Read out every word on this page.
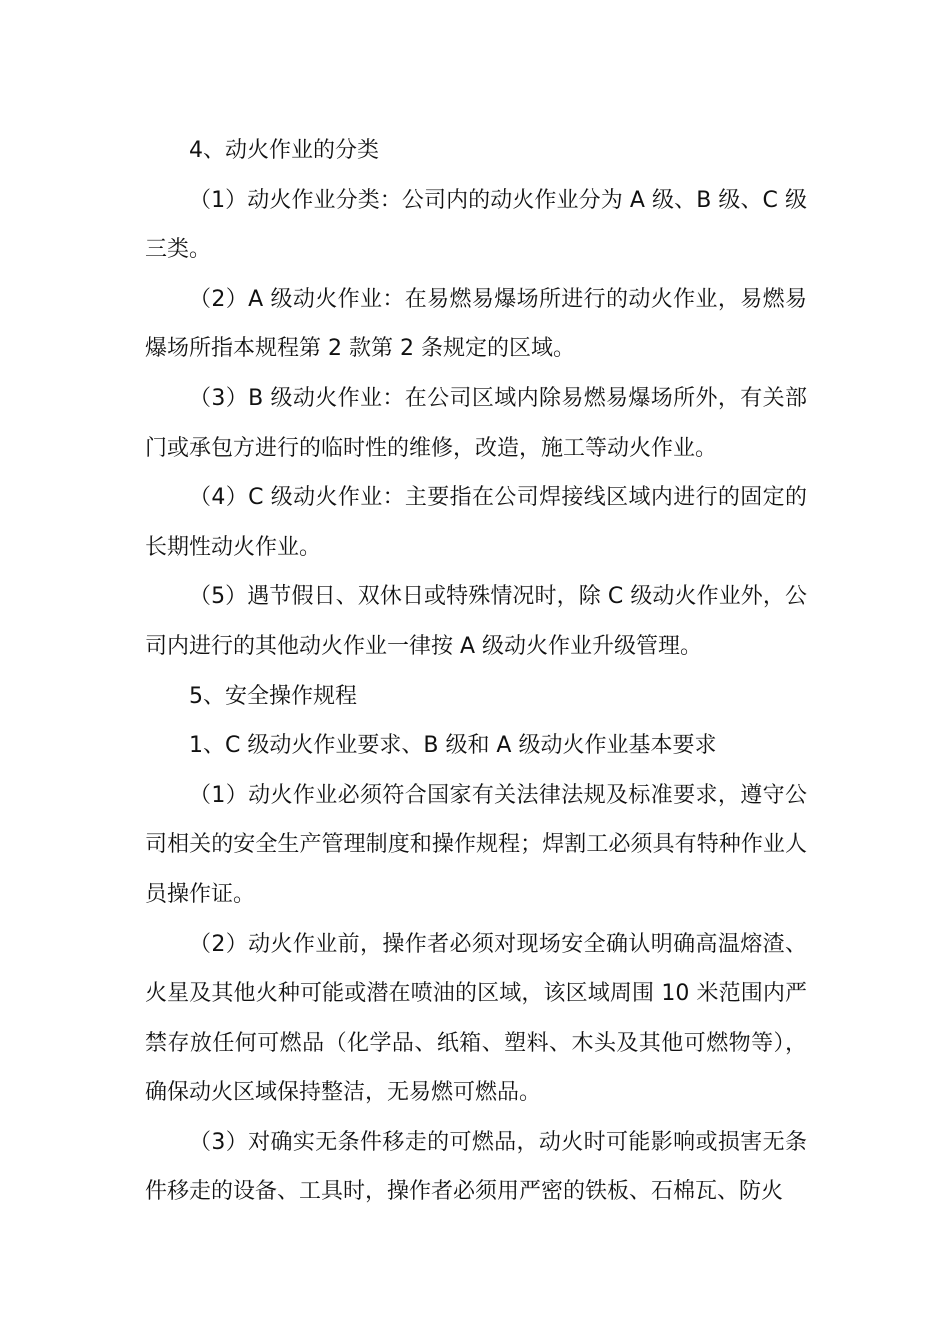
4、动火作业的分类

（1）动火作业分类：公司内的动火作业分为 A 级、B 级、C 级三类。

（2）A 级动火作业：在易燃易爆场所进行的动火作业，易燃易爆场所指本规程第 2 款第 2 条规定的区域。

（3）B 级动火作业：在公司区域内除易燃易爆场所外，有关部门或承包方进行的临时性的维修，改造，施工等动火作业。

（4）C 级动火作业：主要指在公司焊接线区域内进行的固定的长期性动火作业。

（5）遇节假日、双休日或特殊情况时，除 C 级动火作业外，公司内进行的其他动火作业一律按 A 级动火作业升级管理。

5、安全操作规程

1、C 级动火作业要求、B 级和 A 级动火作业基本要求

（1）动火作业必须符合国家有关法律法规及标准要求，遵守公司相关的安全生产管理制度和操作规程；焊割工必须具有特种作业人员操作证。

（2）动火作业前，操作者必须对现场安全确认明确高温熔渣、火星及其他火种可能或潜在喷油的区域，该区域周围 10 米范围内严禁存放任何可燃品（化学品、纸箱、塑料、木头及其他可燃物等），确保动火区域保持整洁，无易燃可燃品。

（3）对确实无条件移走的可燃品，动火时可能影响或损害无条件移走的设备、工具时，操作者必须用严密的铁板、石棉瓦、防火
